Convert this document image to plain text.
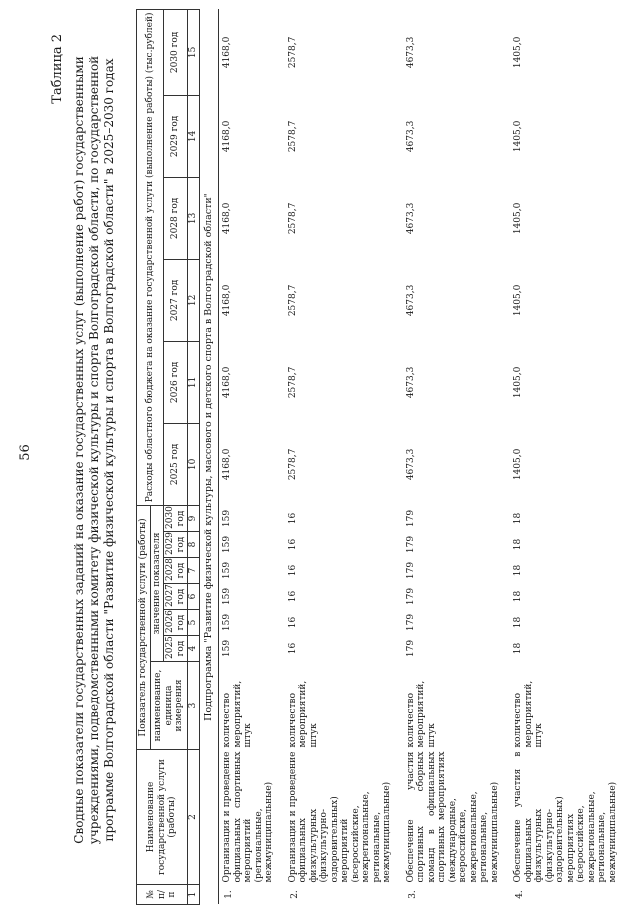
56
Таблица 2 Сводные показатели государственных заданий на оказание государственных услуг (выполнение работ) государственными учреждениями, подведомственными комитету физической культуры и спорта Волгоградской области, по государственной программе Волгоградской области "Развитие физической культуры и спорта в Волгоградской области" в 2025–2030 годах
№ п/п	Наименование государственной услуги (работы)	Показатель государственной услуги (работы)							Расходы областного бюджета на оказание государственной услуги (выполнение работы) (тыс.рублей)					
		наименование, единица измерения	значение показателя											
			2025 год	2026 год	2027 год	2028 год	2029 год	2030 год	2025 год	2026 год	2027 год	2028 год	2029 год	2030 год
1	2	3	4	5	6	7	8	9	10	11	12	13	14	15
Подпрограмма "Развитие физической культуры, массового и детского спорта в Волгоградской области"														
1.	Организация и проведение официальных спортивных мероприятий (региональные, межмуниципальные)	количество мероприятий, штук	159	159	159	159	159	159	4168,0	4168,0	4168,0	4168,0	4168,0	4168,0
2.	Организация и проведение официальных физкультурных (физкультурно-оздоровительных) мероприятий (всероссийские, межрегиональные, региональные, межмуниципальные)	количество мероприятий, штук	16	16	16	16	16	16	2578,7	2578,7	2578,7	2578,7	2578,7	2578,7
3.	Обеспечение участия спортивных сборных команд в официальных спортивных мероприятиях (международные, всероссийские, межрегиональные, региональные, межмуниципальные)	количество мероприятий, штук	179	179	179	179	179	179	4673,3	4673,3	4673,3	4673,3	4673,3	4673,3
4.	Обеспечение участия в официальных физкультурных (физкультурно-оздоровительных) мероприятиях (всероссийские, межрегиональные, региональные, межмуниципальные)	количество мероприятий, штук	18	18	18	18	18	18	1405,0	1405,0	1405,0	1405,0	1405,0	1405,0
